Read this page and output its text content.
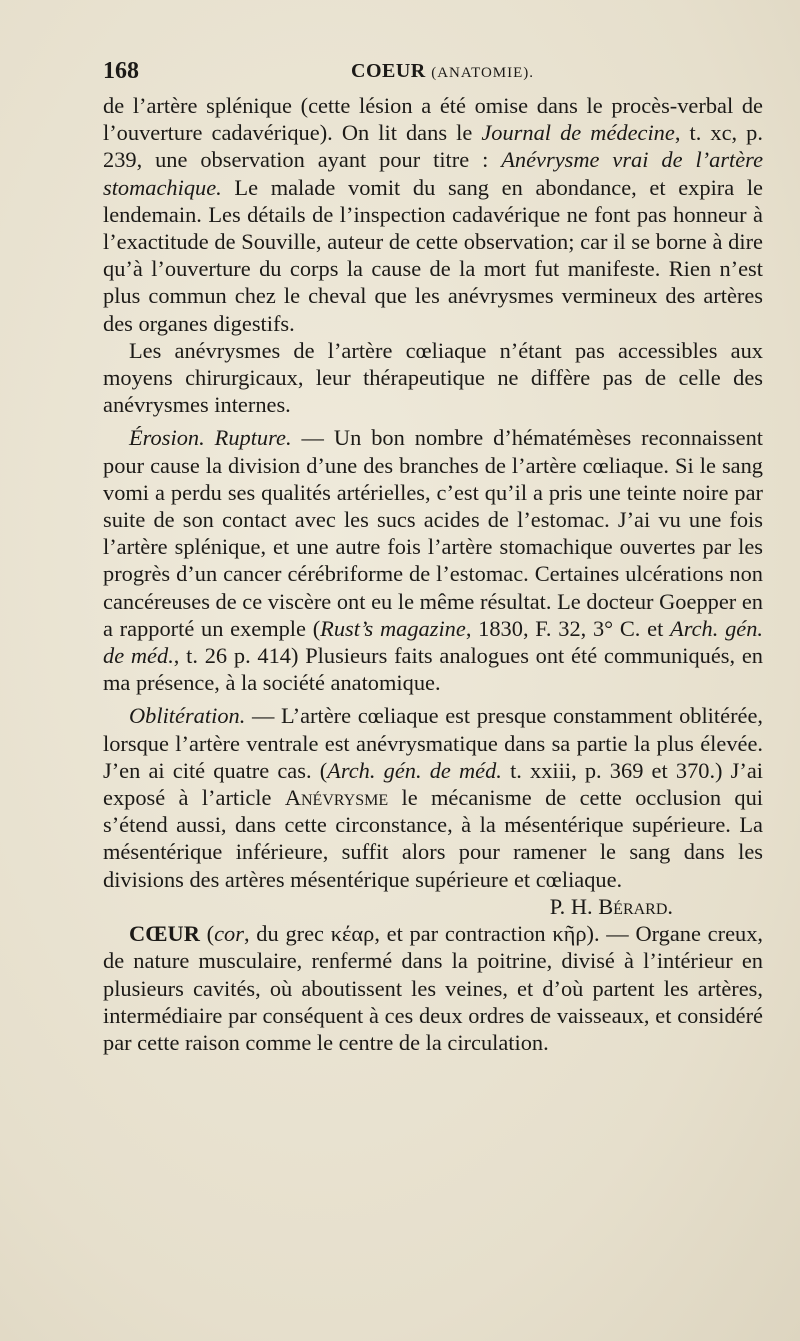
168	COEUR (ANATOMIE).

de l’artère splénique (cette lésion a été omise dans le procès-verbal de l’ouverture cadavérique). On lit dans le Journal de médecine, t. xc, p. 239, une observation ayant pour titre : Anévrysme vrai de l’artère stomachique. Le malade vomit du sang en abondance, et expira le lendemain. Les détails de l’inspection cadavérique ne font pas honneur à l’exactitude de Souville, auteur de cette observation; car il se borne à dire qu’à l’ouverture du corps la cause de la mort fut manifeste. Rien n’est plus commun chez le cheval que les anévrysmes vermineux des artères des organes digestifs.

Les anévrysmes de l’artère cœliaque n’étant pas accessibles aux moyens chirurgicaux, leur thérapeutique ne diffère pas de celle des anévrysmes internes.

Érosion. Rupture. — Un bon nombre d’hématémèses reconnaissent pour cause la division d’une des branches de l’artère cœliaque. Si le sang vomi a perdu ses qualités artérielles, c’est qu’il a pris une teinte noire par suite de son contact avec les sucs acides de l’estomac. J’ai vu une fois l’artère splénique, et une autre fois l’artère stomachique ouvertes par les progrès d’un cancer cérébriforme de l’estomac. Certaines ulcérations non cancéreuses de ce viscère ont eu le même résultat. Le docteur Goepper en a rapporté un exemple (Rust’s magazine, 1830, F. 32, 3° C. et Arch. gén. de méd., t. 26 p. 414) Plusieurs faits analogues ont été communiqués, en ma présence, à la société anatomique.

Oblitération. — L’artère cœliaque est presque constamment oblitérée, lorsque l’artère ventrale est anévrysmatique dans sa partie la plus élevée. J’en ai cité quatre cas. (Arch. gén. de méd. t. xxiii, p. 369 et 370.) J’ai exposé à l’article Anévrysme le mécanisme de cette occlusion qui s’étend aussi, dans cette circonstance, à la mésentérique supérieure. La mésentérique inférieure, suffit alors pour ramener le sang dans les divisions des artères mésentérique supérieure et cœliaque.

P. H. Bérard.

CŒUR (cor, du grec κέαρ, et par contraction κῆρ). — Organe creux, de nature musculaire, renfermé dans la poitrine, divisé à l’intérieur en plusieurs cavités, où aboutissent les veines, et d’où partent les artères, intermédiaire par conséquent à ces deux ordres de vaisseaux, et considéré par cette raison comme le centre de la circulation.
